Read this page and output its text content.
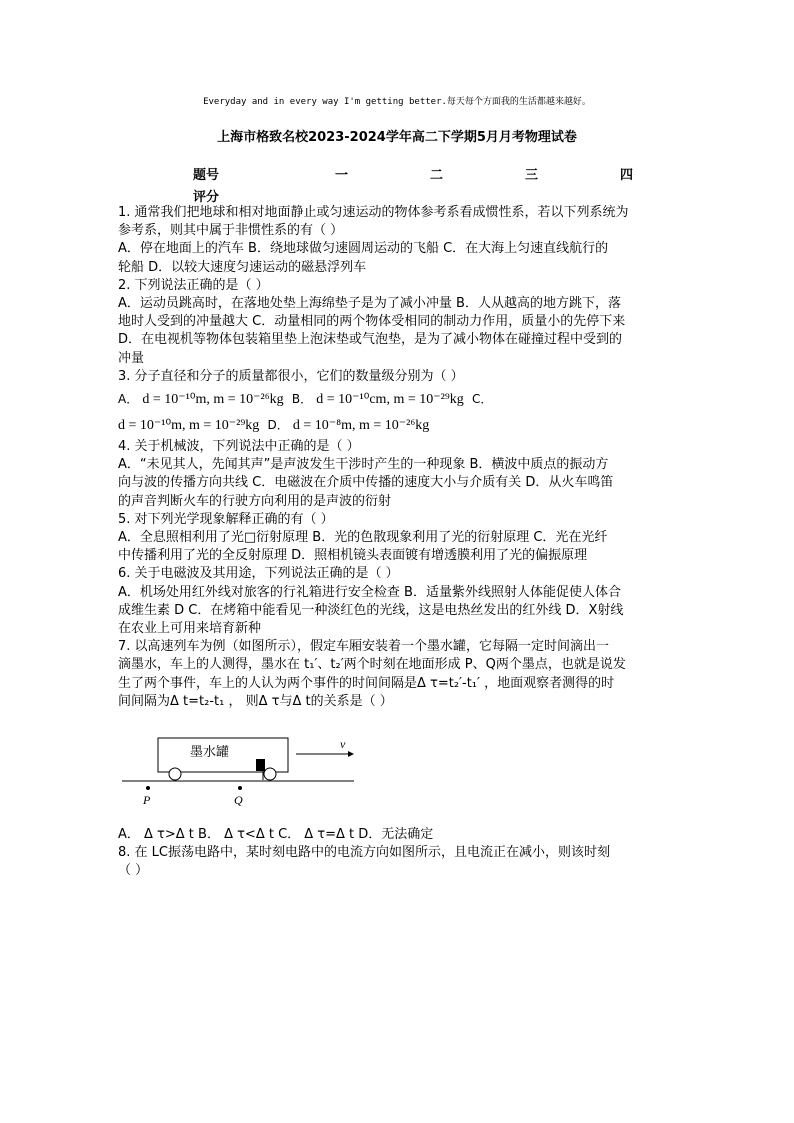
Everyday and in every way I'm getting better.每天每个方面我的生活都越来越好。
上海市格致名校2023-2024学年高二下学期5月月考物理试卷
题号	一	二	三	四
评分

1. 通常我们把地球和相对地面静止或匀速运动的物体参考系看成惯性系，若以下列系统为

参考系，则其中属于非惯性系的有（ ）

A．停在地面上的汽车 B．绕地球做匀速圆周运动的飞船 C．在大海上匀速直线航行的

轮船 D．以较大速度匀速运动的磁悬浮列车

2. 下列说法正确的是（ ）

A．运动员跳高时，在落地处垫上海绵垫子是为了减小冲量 B．人从越高的地方跳下，落

地时人受到的冲量越大 C．动量相同的两个物体受相同的制动力作用，质量小的先停下来

D．在电视机等物体包装箱里垫上泡沫垫或气泡垫，是为了减小物体在碰撞过程中受到的

冲量

3. 分子直径和分子的质量都很小，它们的数量级分别为（ ）

A． d = 10⁻¹⁰m, m = 10⁻²⁶kg B． d = 10⁻¹⁰cm, m = 10⁻²⁹kg C．

d = 10⁻¹⁰m, m = 10⁻²⁹kg D． d = 10⁻⁸m, m = 10⁻²⁶kg

4. 关于机械波，下列说法中正确的是（ ）

A．“未见其人，先闻其声”是声波发生干涉时产生的一种现象 B．横波中质点的振动方

向与波的传播方向共线 C．电磁波在介质中传播的速度大小与介质有关 D．从火车鸣笛

的声音判断火车的行驶方向利用的是声波的衍射

5. 对下列光学现象解释正确的有（ ）

A．全息照相利用了光□衍射原理 B．光的色散现象利用了光的衍射原理 C．光在光纤

中传播利用了光的全反射原理 D．照相机镜头表面镀有增透膜利用了光的偏振原理

6. 关于电磁波及其用途，下列说法正确的是（ ）

A．机场处用红外线对旅客的行礼箱进行安全检查 B．适量紫外线照射人体能促使人体合

成维生素 D C．在烤箱中能看见一种淡红色的光线，这是电热丝发出的红外线 D．X射线

在农业上可用来培育新种

7. 以高速列车为例（如图所示），假定车厢安装着一个墨水罐，它每隔一定时间滴出一

滴墨水，车上的人测得，墨水在 t₁′、t₂′两个时刻在地面形成 P、Q两个墨点，也就是说发

生了两个事件，车上的人认为两个事件的时间间隔是Δ τ=t₂′-t₁′ ，地面观察者测得的时

间间隔为Δ t=t₂-t₁ ， 则Δ τ与Δ t的关系是（ ）

墨水罐
v
P	Q

A． Δ τ>Δ t B． Δ τ<Δ t C． Δ τ=Δ t D．无法确定

8. 在 LC振荡电路中，某时刻电路中的电流方向如图所示，且电流正在减小，则该时刻

（ ）
